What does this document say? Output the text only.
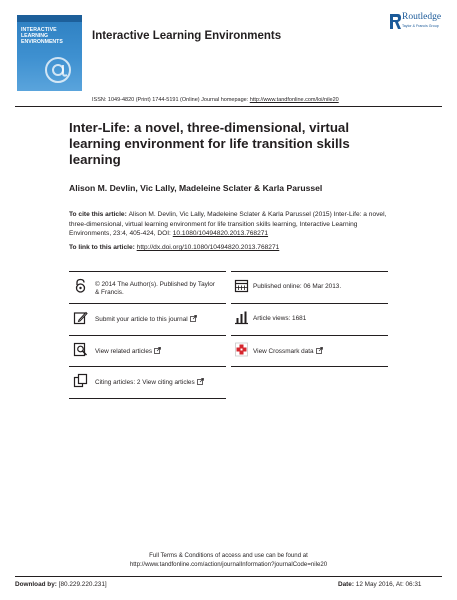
INTERACTIVE
LEARNING
ENVIRONMENTS	Interactive Learning Environments
Routledge
Taylor & Francis Group
ISSN: 1049-4820 (Print) 1744-5191 (Online) Journal homepage: http://www.tandfonline.com/loi/nile20
Inter-Life: a novel, three-dimensional, virtual learning environment for life transition skills learning
Alison M. Devlin, Vic Lally, Madeleine Sclater & Karla Parussel
To cite this article: Alison M. Devlin, Vic Lally, Madeleine Sclater & Karla Parussel (2015) Inter-Life: a novel, three-dimensional, virtual learning environment for life transition skills learning, Interactive Learning Environments, 23:4, 405-424, DOI: 10.1080/10494820.2013.768271
To link to this article: http://dx.doi.org/10.1080/10494820.2013.768271
© 2014 The Author(s). Published by Taylor & Francis.
Published online: 06 Mar 2013.
Submit your article to this journal	Article views: 1681
View related articles	View Crossmark data
Citing articles: 2 View citing articles
Full Terms & Conditions of access and use can be found at
http://www.tandfonline.com/action/journalInformation?journalCode=nile20
Download by: [80.229.220.231]	Date: 12 May 2016, At: 06:31
